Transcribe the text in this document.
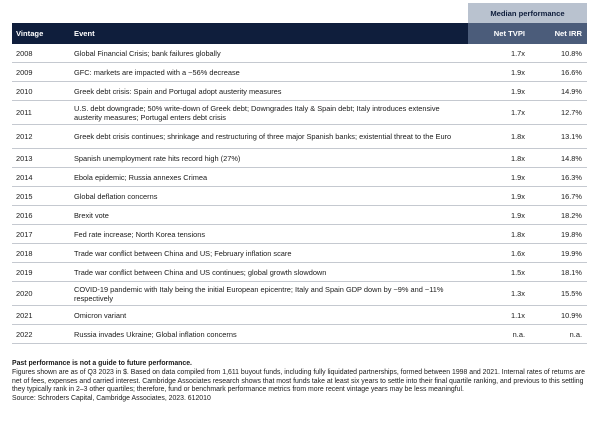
		Median performance	
Vintage	Event	Net TVPI	Net IRR
2008	Global Financial Crisis; bank failures globally	1.7x	10.8%
2009	GFC: markets are impacted with a ~56% decrease	1.9x	16.6%
2010	Greek debt crisis: Spain and Portugal adopt austerity measures	1.9x	14.9%
2011	U.S. debt downgrade; 50% write-down of Greek debt; Downgrades Italy & Spain debt; Italy introduces extensive austerity measures; Portugal enters debt crisis	1.7x	12.7%
2012	Greek debt crisis continues; shrinkage and restructuring of three major Spanish banks; existential threat to the Euro	1.8x	13.1%
2013	Spanish unemployment rate hits record high (27%)	1.8x	14.8%
2014	Ebola epidemic; Russia annexes Crimea	1.9x	16.3%
2015	Global deflation concerns	1.9x	16.7%
2016	Brexit vote	1.9x	18.2%
2017	Fed rate increase; North Korea tensions	1.8x	19.8%
2018	Trade war conflict between China and US; February inflation scare	1.6x	19.9%
2019	Trade war conflict between China and US continues; global growth slowdown	1.5x	18.1%
2020	COVID-19 pandemic with Italy being the initial European epicentre; Italy and Spain GDP down by ~9% and ~11% respectively	1.3x	15.5%
2021	Omicron variant	1.1x	10.9%
2022	Russia invades Ukraine; Global inflation concerns	n.a.	n.a.

Past performance is not a guide to future performance.

Figures shown are as of Q3 2023 in $. Based on data compiled from 1,611 buyout funds, including fully liquidated partnerships, formed between 1998 and 2021. Internal rates of returns are net of fees, expenses and carried interest. Cambridge Associates research shows that most funds take at least six years to settle into their final quartile ranking, and previous to this settling they typically rank in 2–3 other quartiles; therefore, fund or benchmark performance metrics from more recent vintage years may be less meaningful.

Source: Schroders Capital, Cambridge Associates, 2023. 612010
